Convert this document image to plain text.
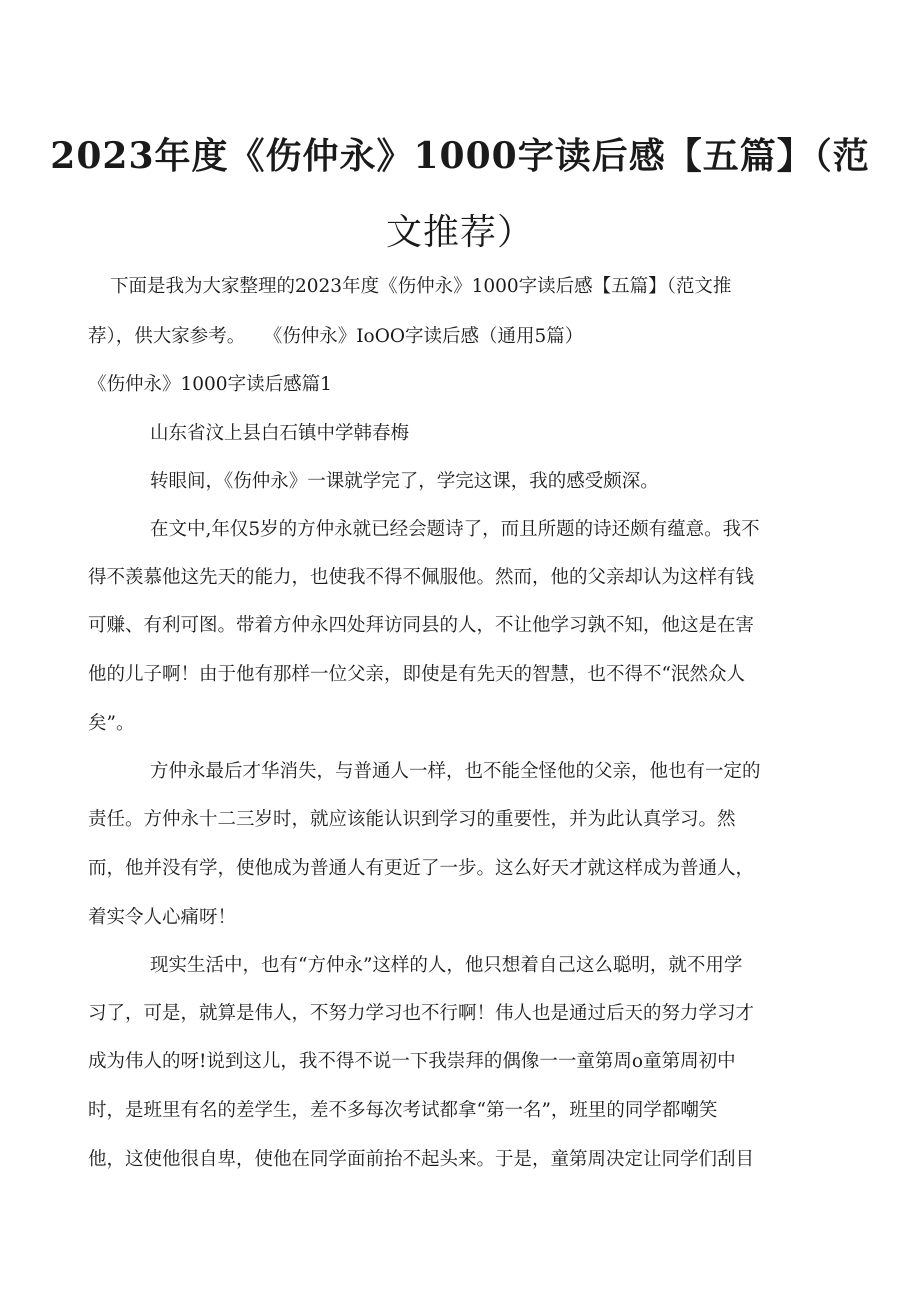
2023年度《伤仲永》1000字读后感【五篇】（范
文推荐）
下面是我为大家整理的2023年度《伤仲永》1000字读后感【五篇】（范文推
荐），供大家参考。　　《伤仲永》IoOO字读后感（通用5篇）
《伤仲永》1000字读后感篇1
山东省汶上县白石镇中学韩春梅
转眼间，《伤仲永》一课就学完了，学完这课，我的感受颇深。
在文中,年仅5岁的方仲永就已经会题诗了，而且所题的诗还颇有蕴意。我不
得不羡慕他这先天的能力，也使我不得不佩服他。然而，他的父亲却认为这样有钱
可赚、有利可图。带着方仲永四处拜访同县的人，不让他学习孰不知，他这是在害
他的儿子啊！由于他有那样一位父亲，即使是有先天的智慧，也不得不“泯然众人
矣”。
方仲永最后才华消失，与普通人一样，也不能全怪他的父亲，他也有一定的
责任。方仲永十二三岁时，就应该能认识到学习的重要性，并为此认真学习。然
而，他并没有学，使他成为普通人有更近了一步。这么好天才就这样成为普通人，
着实令人心痛呀！
现实生活中，也有“方仲永”这样的人，他只想着自己这么聪明，就不用学
习了，可是，就算是伟人，不努力学习也不行啊！伟人也是通过后天的努力学习才
成为伟人的呀!说到这儿，我不得不说一下我崇拜的偶像一一童第周o童第周初中
时，是班里有名的差学生，差不多每次考试都拿“第一名”，班里的同学都嘲笑
他，这使他很自卑，使他在同学面前抬不起头来。于是，童第周决定让同学们刮目
